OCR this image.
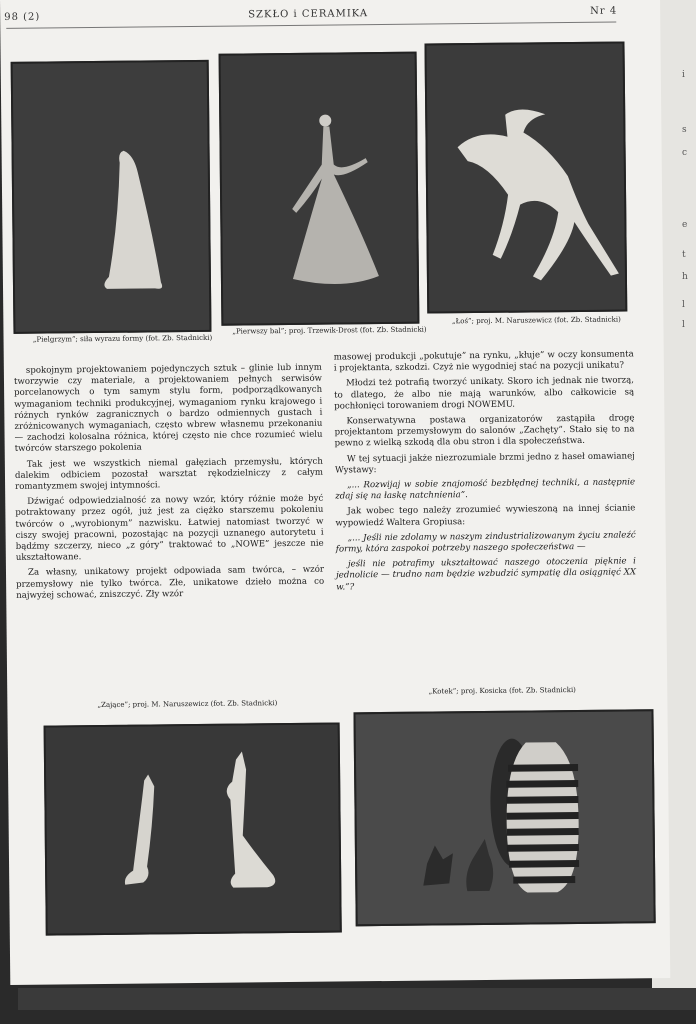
i
s
c
e
t
h
l
l
98 (2)	SZKŁO i CERAMIKA	Nr 4
„Pielgrzym”; siła wyrazu formy (fot. Zb. Stadnicki)
„Pierwszy bal”; proj. Trzewik-Drost (fot. Zb. Stadnicki)
„Łoś”; proj. M. Naruszewicz (fot. Zb. Stadnicki)

spokojnym projektowaniem pojedynczych sztuk – glinie lub innym tworzywie czy materiale, a projektowaniem pełnych serwisów porcelanowych o tym samym stylu form, podporządkowanych wymaganiom techniki produkcyjnej, wymaganiom rynku krajowego i różnych rynków zagranicznych o bardzo odmiennych gustach i zróżnicowanych wymaganiach, często wbrew własnemu przekonaniu — zachodzi kolosalna różnica, której często nie chce rozumieć wielu twórców starszego pokolenia

Tak jest we wszystkich niemal gałęziach przemysłu, których dalekim odbiciem pozostał warsztat rękodzielniczy z całym romantyzmem swojej intymności.

Dźwigać odpowiedzialność za nowy wzór, który różnie może być potraktowany przez ogół, już jest za ciężko starszemu pokoleniu twórców o „wyrobionym” nazwisku. Łatwiej natomiast tworzyć w ciszy swojej pracowni, pozostając na pozycji uznanego autorytetu i bądźmy szczerzy, nieco „z góry” traktować to „NOWE” jeszcze nie ukształtowane.

Za własny, unikatowy projekt odpowiada sam twórca, – wzór przemysłowy nie tylko twórca. Złe, unikatowe dzieło można co najwyżej schować, zniszczyć. Zły wzór

masowej produkcji „pokutuje” na rynku, „kłuje” w oczy konsumenta i projektanta, szkodzi. Czyż nie wygodniej stać na pozycji unikatu?

Młodzi też potrafią tworzyć unikaty. Skoro ich jednak nie tworzą, to dlatego, że albo nie mają warunków, albo całkowicie są pochłonięci torowaniem drogi NOWEMU.

Konserwatywna postawa organizatorów zastąpiła drogę projektantom przemysłowym do salonów „Zachęty”. Stało się to na pewno z wielką szkodą dla obu stron i dla społeczeństwa.

W tej sytuacji jakże niezrozumiale brzmi jedno z haseł omawianej Wystawy:

„... Rozwijaj w sobie znajomość bezbłędnej techniki, a następnie zdaj się na łaskę natchnienia”.

Jak wobec tego należy zrozumieć wywieszoną na innej ścianie wypowiedź Waltera Gropiusa:

„... Jeśli nie zdolamy w naszym zindustrializowanym życiu znaleźć formy, która zaspokoi potrzeby naszego społeczeństwa —

jeśli nie potrafimy ukształtować naszego otoczenia pięknie i jednolicie — trudno nam będzie wzbudzić sympatię dla osiągnięć XX w.”?

„Zające”; proj. M. Naruszewicz (fot. Zb. Stadnicki)
„Kotek”; proj. Kosicka (fot. Zb. Stadnicki)
